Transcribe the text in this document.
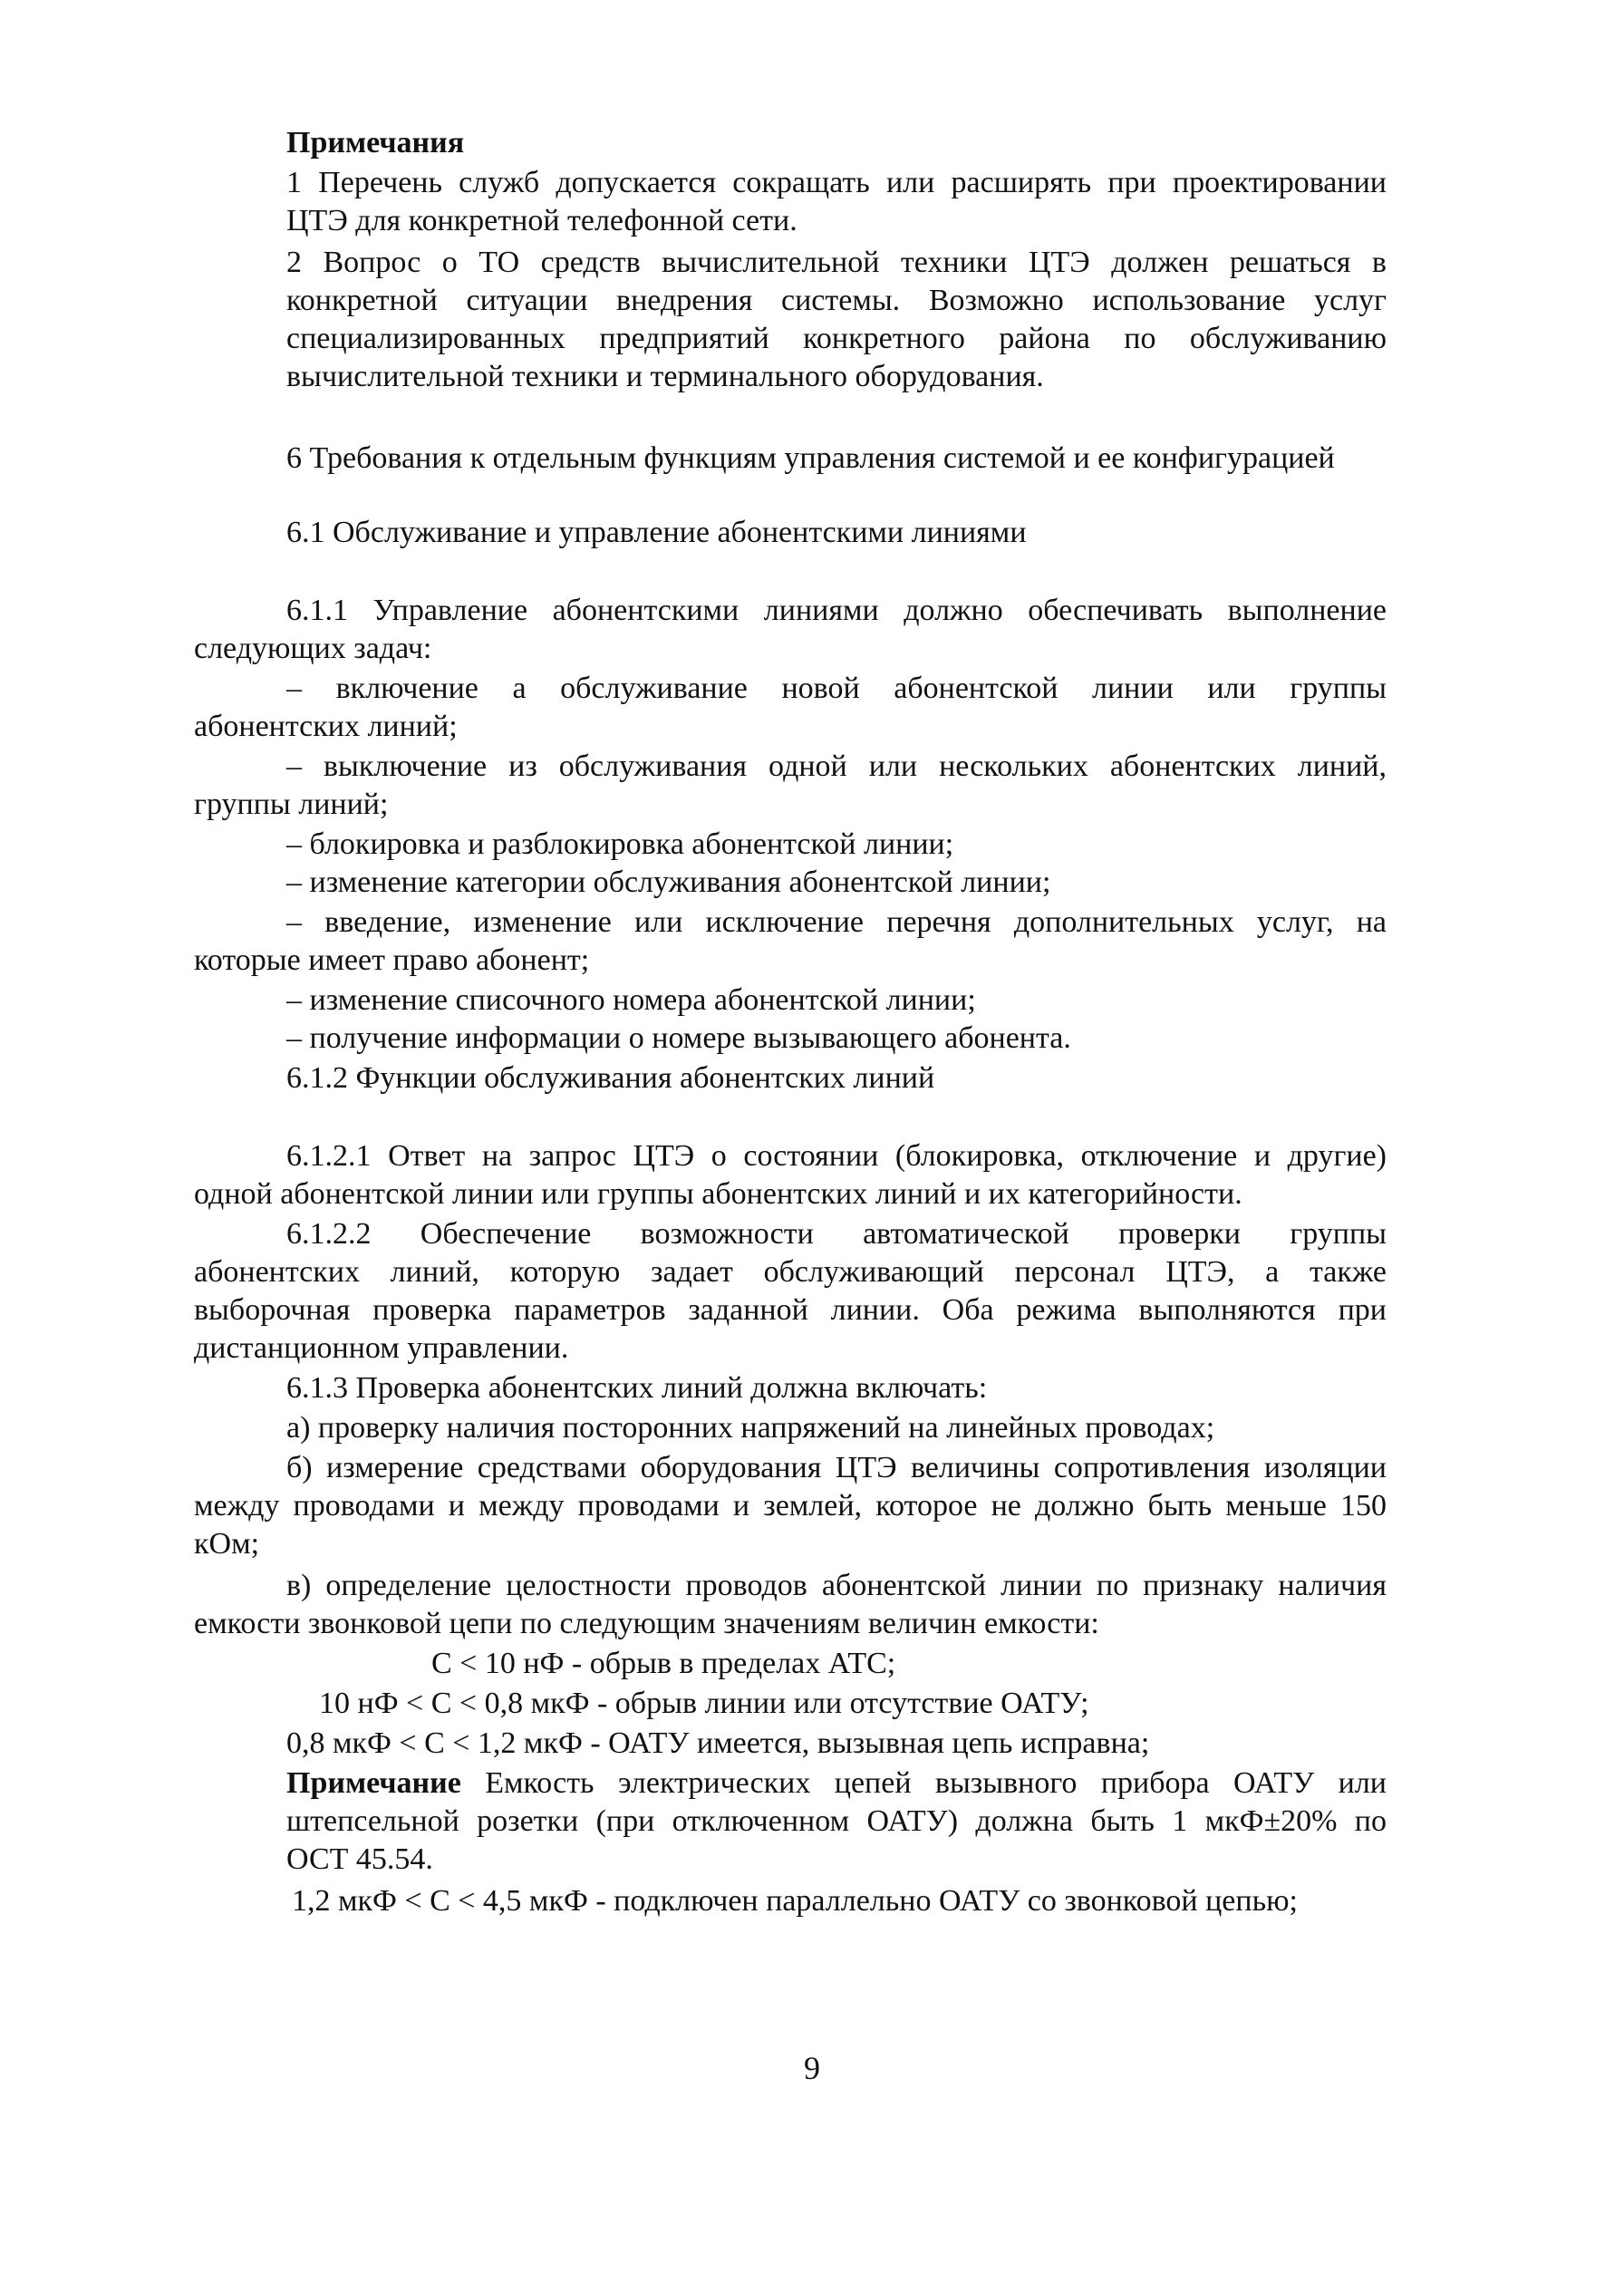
Примечания
1 Перечень служб допускается сокращать или расширять при проектировании
ЦТЭ для конкретной телефонной сети.
2 Вопрос о ТО средств вычислительной техники ЦТЭ должен решаться в
конкретной ситуации внедрения системы. Возможно использование услуг
специализированных предприятий конкретного района по обслуживанию
вычислительной техники и терминального оборудования.
6 Требования к отдельным функциям управления системой и ее конфигурацией
6.1 Обслуживание и управление абонентскими линиями
6.1.1 Управление абонентскими линиями должно обеспечивать выполнение
следующих задач:
– включение а обслуживание новой абонентской линии или группы
абонентских линий;
– выключение из обслуживания одной или нескольких абонентских линий,
группы линий;
– блокировка и разблокировка абонентской линии;
– изменение категории обслуживания абонентской линии;
– введение, изменение или исключение перечня дополнительных услуг, на
которые имеет право абонент;
– изменение списочного номера абонентской линии;
– получение информации о номере вызывающего абонента.
6.1.2 Функции обслуживания абонентских линий
6.1.2.1 Ответ на запрос ЦТЭ о состоянии (блокировка, отключение и другие)
одной абонентской линии или группы абонентских линий и их категорийности.
6.1.2.2 Обеспечение возможности автоматической проверки группы
абонентских линий, которую задает обслуживающий персонал ЦТЭ, а также
выборочная проверка параметров заданной линии. Оба режима выполняются при
дистанционном управлении.
6.1.3 Проверка абонентских линий должна включать:
а) проверку наличия посторонних напряжений на линейных проводах;
б) измерение средствами оборудования ЦТЭ величины сопротивления изоляции
между проводами и между проводами и землей, которое не должно быть меньше 150
кОм;
в) определение целостности проводов абонентской линии по признаку наличия
емкости звонковой цепи по следующим значениям величин емкости:
С < 10 нФ - обрыв в пределах АТС;
10 нФ < С < 0,8 мкФ - обрыв линии или отсутствие ОАТУ;
0,8 мкФ < С < 1,2 мкФ - ОАТУ имеется, вызывная цепь исправна;
Примечание Емкость электрических цепей вызывного прибора ОАТУ или
штепсельной розетки (при отключенном ОАТУ) должна быть 1 мкФ±20% по
ОСТ 45.54.
1,2 мкФ < С < 4,5 мкФ - подключен параллельно ОАТУ со звонковой цепью;
9
